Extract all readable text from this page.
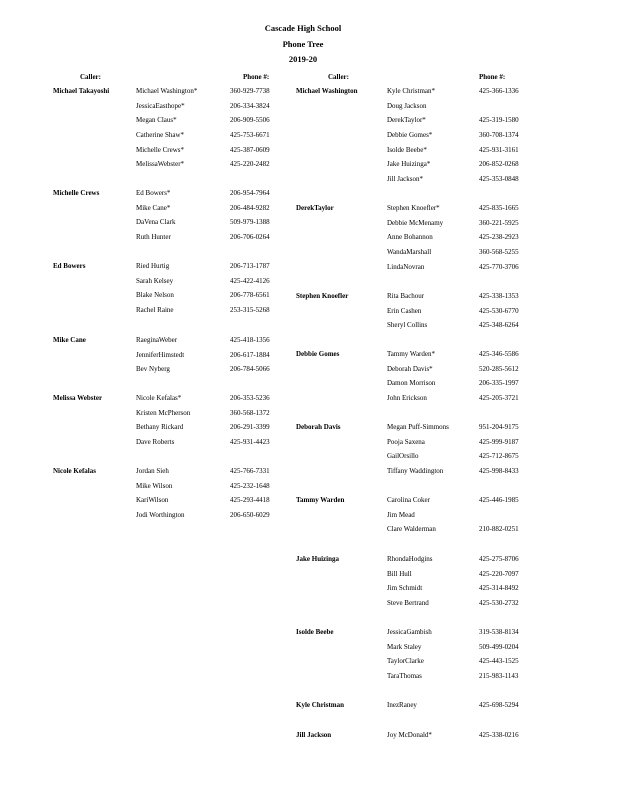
Cascade High School
Phone Tree
2019-20
Caller:	Phone #:	Caller:	Phone #:
Michael Takayoshi	Michael Washington*	360-929-7738
JessicaEasthope*	206-334-3824
Megan Claus*	206-909-5506
Catherine Shaw*	425-753-6671
Michelle Crews*	425-387-0609
MelissaWebster*	425-220-2482
Michelle Crews	Ed Bowers*	206-954-7964
Mike Cane*	206-484-9282
DaVena Clark	509-979-1388
Ruth Hunter	206-706-0264
Ed Bowers	Ried Hurtig	206-713-1787
Sarah Kelsey	425-422-4126
Blake Nelson	206-778-6561
Rachel Raine	253-315-5268
Mike Cane	RaeginaWeber	425-418-1356
JenniferHimstedt	206-617-1884
Bev Nyberg	206-784-5066
Melissa Webster	Nicole Kefalas*	206-353-5236
Kristen McPherson	360-568-1372
Bethany Rickard	206-291-3399
Dave Roberts	425-931-4423
Nicole Kefalas	Jordan Sieh	425-766-7331
Mike Wilson	425-232-1648
KariWilson	425-293-4418
Jodi Worthington	206-650-6029
Michael Washington	Kyle Christman*	425-366-1336
Doug Jackson
DerekTaylor*	425-319-1580
Debbie Gomes*	360-708-1374
Isolde Beebe*	425-931-3161
Jake Huizinga*	206-852-0268
Jill Jackson*	425-353-0848
DerekTaylor	Stephen Knoefler*	425-835-1665
Debbie McMenamy	360-221-5925
Anne Bohannon	425-238-2923
WandaMarshall	360-568-5255
LindaNovran	425-770-3706
Stephen Knoefler	Rita Bachour	425-338-1353
Erin Cashen	425-530-6770
Sheryl Collins	425-348-6264
Debbie Gomes	Tammy Warden*	425-346-5586
Deborah Davis*	520-285-5612
Damon Morrison	206-335-1997
John Erickson	425-205-3721
Deborah Davis	Megan Puff-Simmons	951-204-9175
Pooja Saxena	425-999-9187
GailOrsillo	425-712-8675
Tiffany Waddington	425-998-8433
Tammy Warden	Carolina Coker	425-446-1985
Jim Mead
Clare Walderman	210-882-0251
Jake Huizinga	RhondaHodgins	425-275-8706
Bill Hull	425-220-7097
Jim Schmidt	425-314-8492
Steve Bertrand	425-530-2732
Isolde Beebe	JessicaGambish	319-538-8134
Mark Staley	509-499-0204
TaylorClarke	425-443-1525
TaraThomas	215-983-1143
Kyle Christman	InezRaney	425-698-5294
Jill Jackson	Joy McDonald*	425-338-0216
